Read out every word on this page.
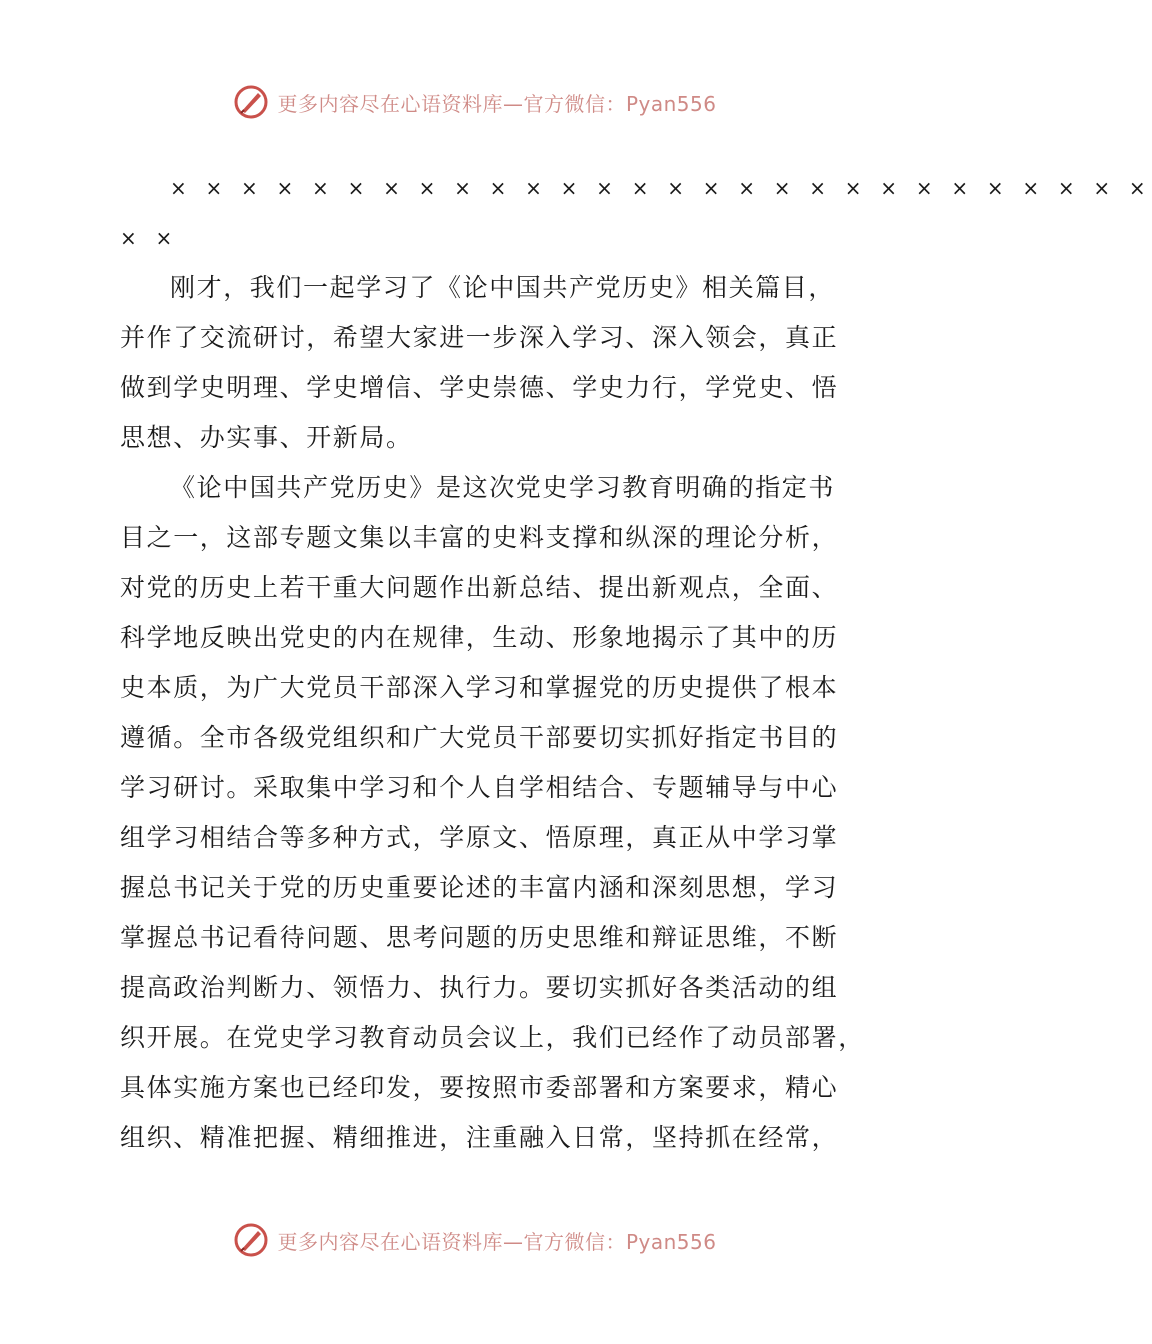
更多内容尽在心语资料库—官方微信：Pyan556
× × × × × × × × × × × × × × × × × × × × × × × × × × × ×
× ×
刚才，我们一起学习了《论中国共产党历史》相关篇目，
并作了交流研讨，希望大家进一步深入学习、深入领会，真正
做到学史明理、学史增信、学史崇德、学史力行，学党史、悟
思想、办实事、开新局。
《论中国共产党历史》是这次党史学习教育明确的指定书
目之一，这部专题文集以丰富的史料支撑和纵深的理论分析，
对党的历史上若干重大问题作出新总结、提出新观点，全面、
科学地反映出党史的内在规律，生动、形象地揭示了其中的历
史本质，为广大党员干部深入学习和掌握党的历史提供了根本
遵循。全市各级党组织和广大党员干部要切实抓好指定书目的
学习研讨。采取集中学习和个人自学相结合、专题辅导与中心
组学习相结合等多种方式，学原文、悟原理，真正从中学习掌
握总书记关于党的历史重要论述的丰富内涵和深刻思想，学习
掌握总书记看待问题、思考问题的历史思维和辩证思维，不断
提高政治判断力、领悟力、执行力。要切实抓好各类活动的组
织开展。在党史学习教育动员会议上，我们已经作了动员部署，
具体实施方案也已经印发，要按照市委部署和方案要求，精心
组织、精准把握、精细推进，注重融入日常，坚持抓在经常，
更多内容尽在心语资料库—官方微信：Pyan556
